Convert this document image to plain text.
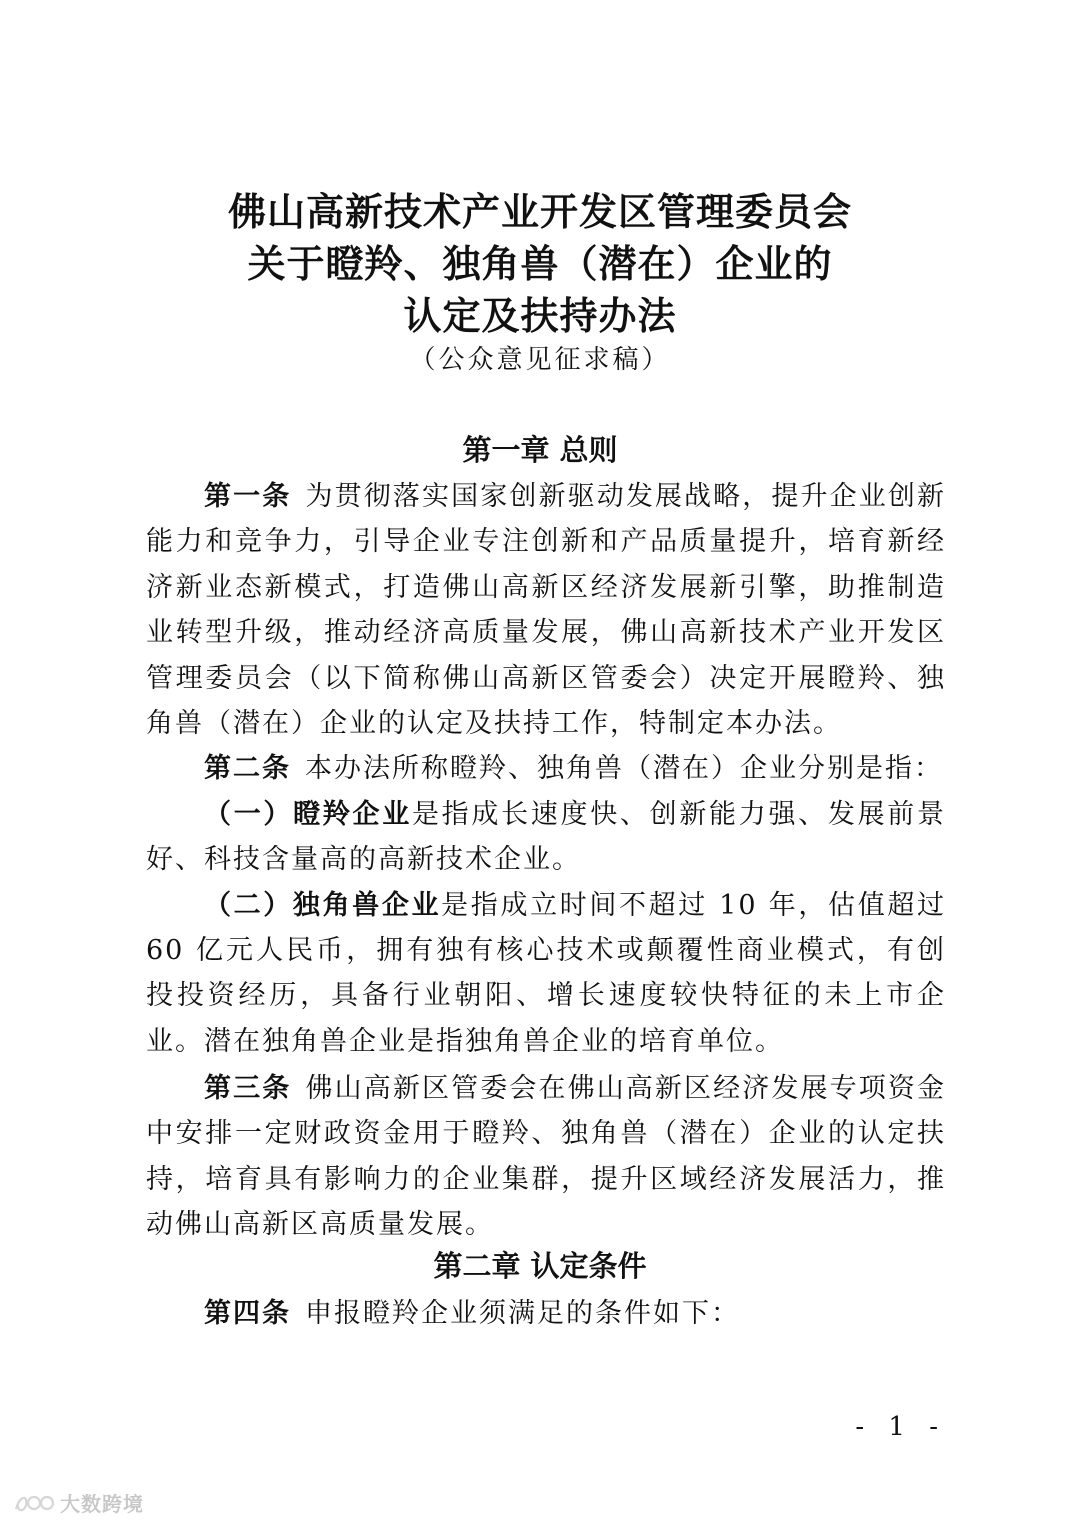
佛山高新技术产业开发区管理委员会
关于瞪羚、独角兽（潜在）企业的
认定及扶持办法
（公众意见征求稿）
第一章 总则

第一条 为贯彻落实国家创新驱动发展战略，提升企业创新能力和竞争力，引导企业专注创新和产品质量提升，培育新经济新业态新模式，打造佛山高新区经济发展新引擎，助推制造业转型升级，推动经济高质量发展，佛山高新技术产业开发区管理委员会（以下简称佛山高新区管委会）决定开展瞪羚、独角兽（潜在）企业的认定及扶持工作，特制定本办法。

第二条 本办法所称瞪羚、独角兽（潜在）企业分别是指：

（一）瞪羚企业是指成长速度快、创新能力强、发展前景好、科技含量高的高新技术企业。

（二）独角兽企业是指成立时间不超过 10 年，估值超过 60 亿元人民币，拥有独有核心技术或颠覆性商业模式，有创投投资经历，具备行业朝阳、增长速度较快特征的未上市企业。潜在独角兽企业是指独角兽企业的培育单位。

第三条 佛山高新区管委会在佛山高新区经济发展专项资金中安排一定财政资金用于瞪羚、独角兽（潜在）企业的认定扶持，培育具有影响力的企业集群，提升区域经济发展活力，推动佛山高新区高质量发展。

第二章 认定条件

第四条 申报瞪羚企业须满足的条件如下：

- 1 -
大数跨境
